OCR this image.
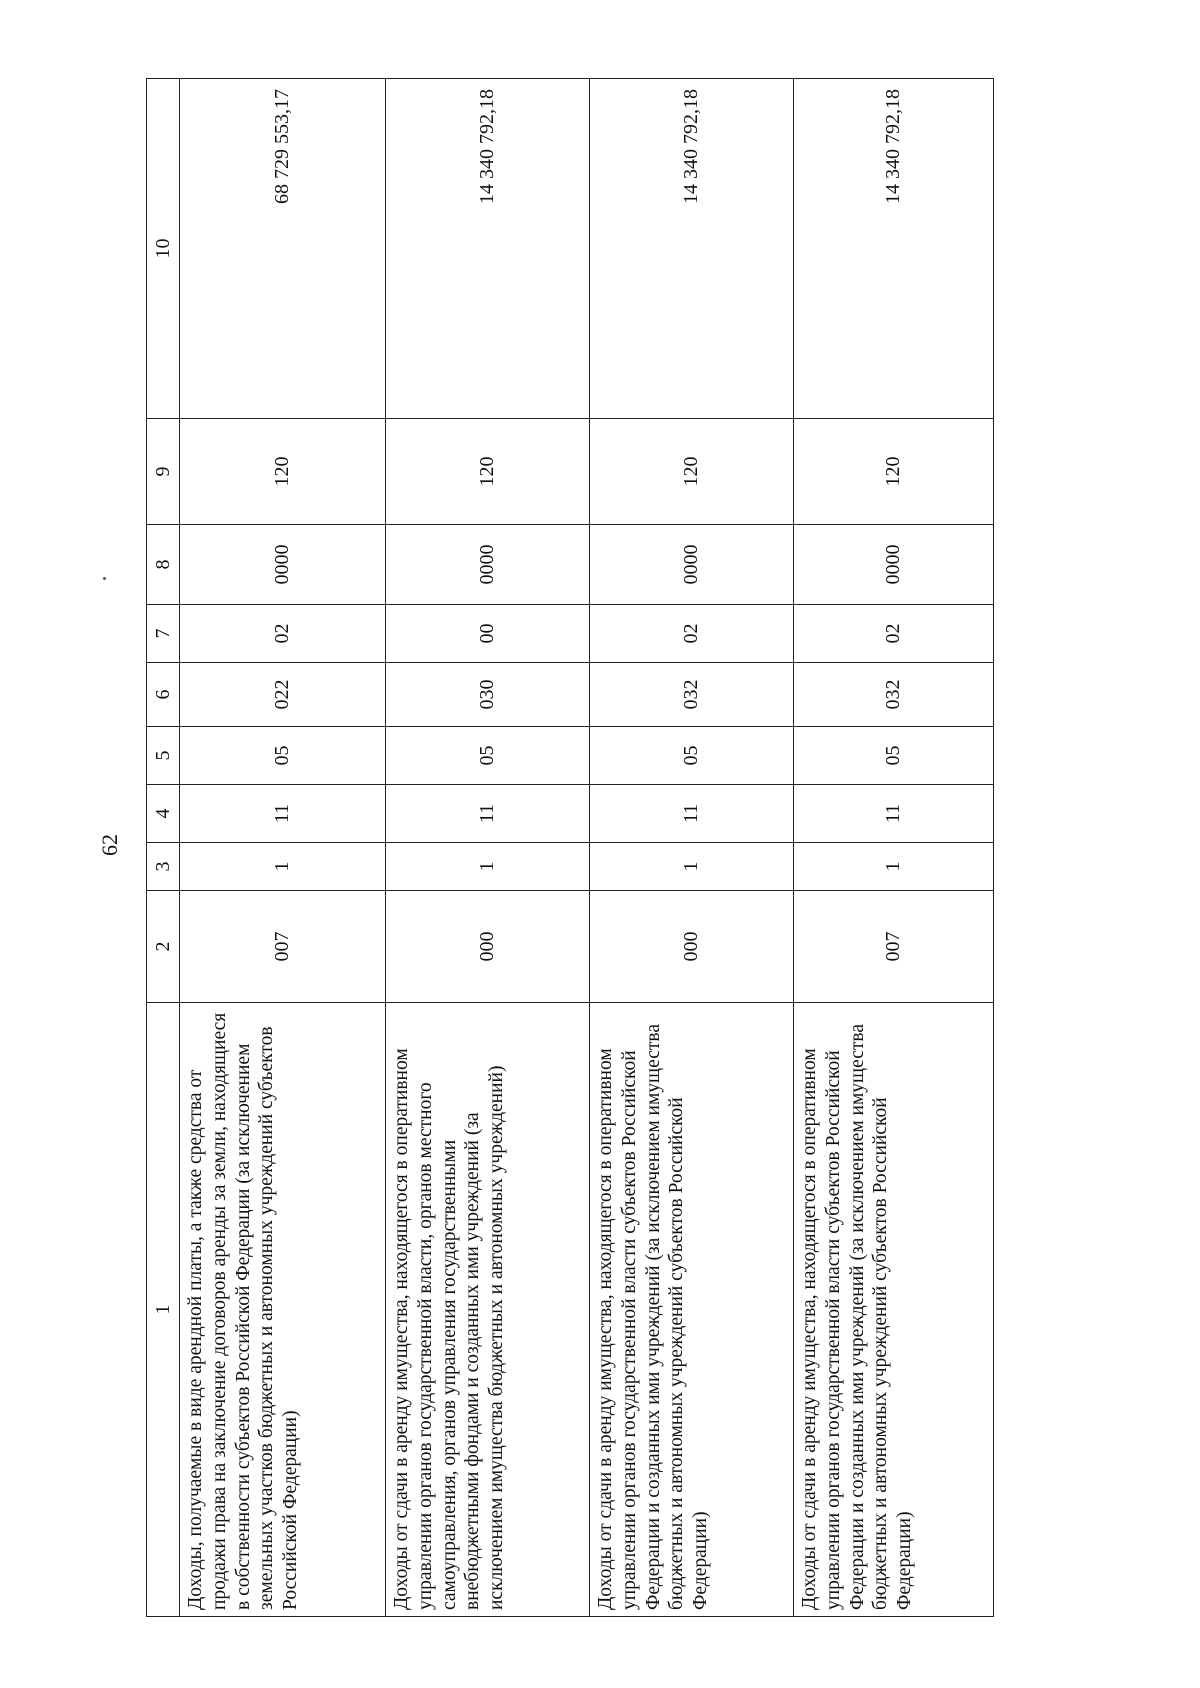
62
1	2	3	4	5	6	7	8	9	10
Доходы, получаемые в виде арендной платы, а также средства от продажи права на заключение договоров аренды за земли, находящиеся в собственности субъектов Российской Федерации (за исключением земельных участков бюджетных и автономных учреждений субъектов Российской Федерации)	007	1	11	05	022	02	0000	120	68 729 553,17
Доходы от сдачи в аренду имущества, находящегося в оперативном управлении органов государственной власти, органов местного самоуправления, органов управления государственными внебюджетными фондами и созданных ими учреждений (за исключением имущества бюджетных и автономных учреждений)	000	1	11	05	030	00	0000	120	14 340 792,18
Доходы от сдачи в аренду имущества, находящегося в оперативном управлении органов государственной власти субъектов Российской Федерации и созданных ими учреждений (за исключением имущества бюджетных и автономных учреждений субъектов Российской Федерации)	000	1	11	05	032	02	0000	120	14 340 792,18
Доходы от сдачи в аренду имущества, находящегося в оперативном управлении органов государственной власти субъектов Российской Федерации и созданных ими учреждений (за исключением имущества бюджетных и автономных учреждений субъектов Российской Федерации)	007	1	11	05	032	02	0000	120	14 340 792,18
